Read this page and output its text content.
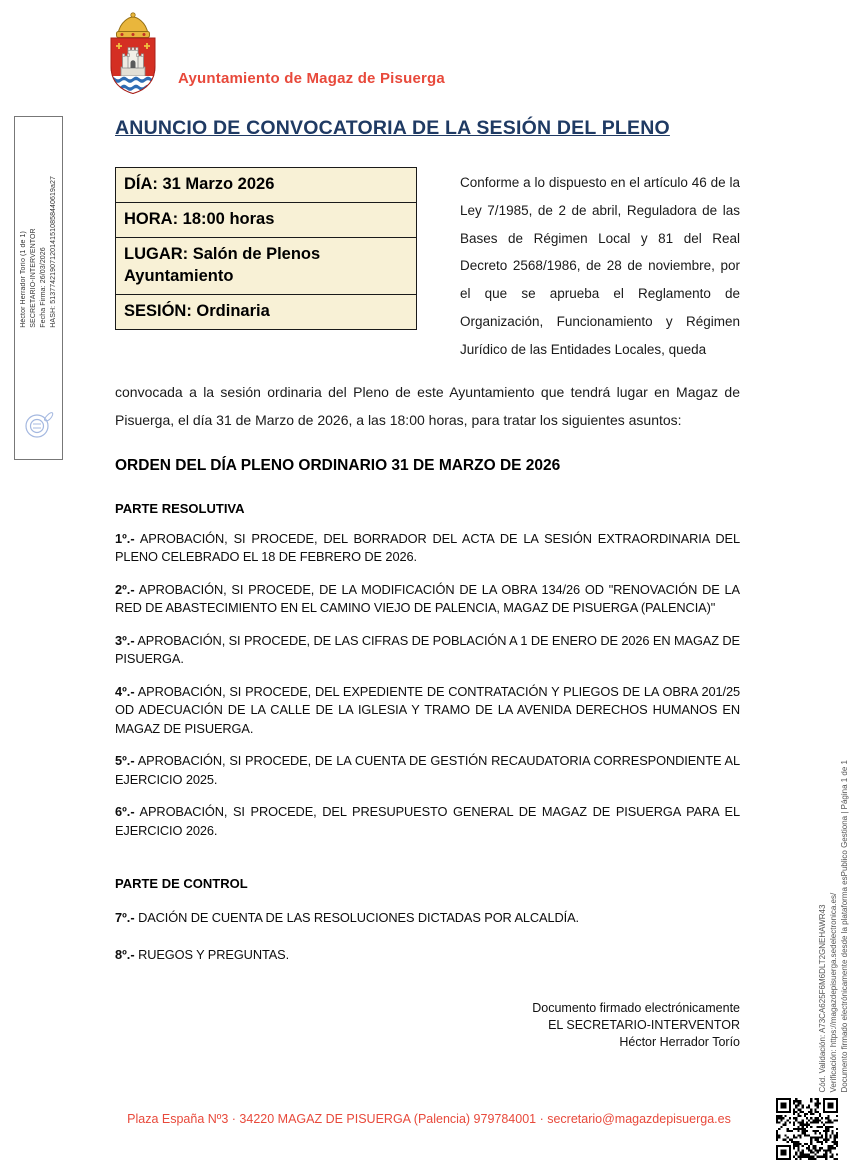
Ayuntamiento de Magaz de Pisuerga
ANUNCIO DE CONVOCATORIA DE LA SESIÓN DEL PLENO
DÍA: 31 Marzo 2026
HORA: 18:00 horas
LUGAR: Salón de Plenos Ayuntamiento
SESIÓN: Ordinaria
Conforme a lo dispuesto en el artículo 46 de la Ley 7/1985, de 2 de abril, Reguladora de las Bases de Régimen Local y 81 del Real Decreto 2568/1986, de 28 de noviembre, por el que se aprueba el Reglamento de Organización, Funcionamiento y Régimen Jurídico de las Entidades Locales, queda
convocada a la sesión ordinaria del Pleno de este Ayuntamiento que tendrá lugar en Magaz de Pisuerga, el día 31 de Marzo de 2026, a las 18:00 horas, para tratar los siguientes asuntos:
ORDEN DEL DÍA PLENO ORDINARIO 31 DE MARZO DE 2026
PARTE RESOLUTIVA

1º.- APROBACIÓN, SI PROCEDE, DEL BORRADOR DEL ACTA DE LA SESIÓN EXTRAORDINARIA DEL PLENO CELEBRADO EL 18 DE FEBRERO DE 2026.

2º.- APROBACIÓN, SI PROCEDE, DE LA MODIFICACIÓN DE LA OBRA 134/26 OD "RENOVACIÓN DE LA RED DE ABASTECIMIENTO EN EL CAMINO VIEJO DE PALENCIA, MAGAZ DE PISUERGA (PALENCIA)"

3º.- APROBACIÓN, SI PROCEDE, DE LAS CIFRAS DE POBLACIÓN A 1 DE ENERO DE 2026 EN MAGAZ DE PISUERGA.

4º.- APROBACIÓN, SI PROCEDE, DEL EXPEDIENTE DE CONTRATACIÓN Y PLIEGOS DE LA OBRA 201/25 OD ADECUACIÓN DE LA CALLE DE LA IGLESIA Y TRAMO DE LA AVENIDA DERECHOS HUMANOS EN MAGAZ DE PISUERGA.

5º.- APROBACIÓN, SI PROCEDE, DE LA CUENTA DE GESTIÓN RECAUDATORIA CORRESPONDIENTE AL EJERCICIO 2025.

6º.- APROBACIÓN, SI PROCEDE, DEL PRESUPUESTO GENERAL DE MAGAZ DE PISUERGA PARA EL EJERCICIO 2026.

PARTE DE CONTROL

7º.- DACIÓN DE CUENTA DE LAS RESOLUCIONES DICTADAS POR ALCALDÍA.

8º.- RUEGOS Y PREGUNTAS.

Documento firmado electrónicamente
EL SECRETARIO-INTERVENTOR
Héctor Herrador Torío
Plaza España Nº3 · 34220 MAGAZ DE PISUERGA (Palencia) 979784001 · secretario@magazdepisuerga.es
Héctor Herrador Torío (1 de 1) SECRETARIO-INTERVENTOR Fecha Firma: 26/03/2026 HASH: 51377421907120141510858440619a27
Cód. Validación: A73CA625F6M6DLT2GNEHAWR43 Verificación: https://magazdepisuerga.sedelectronica.es/ Documento firmado electrónicamente desde la plataforma esPublico Gestiona | Página 1 de 1
